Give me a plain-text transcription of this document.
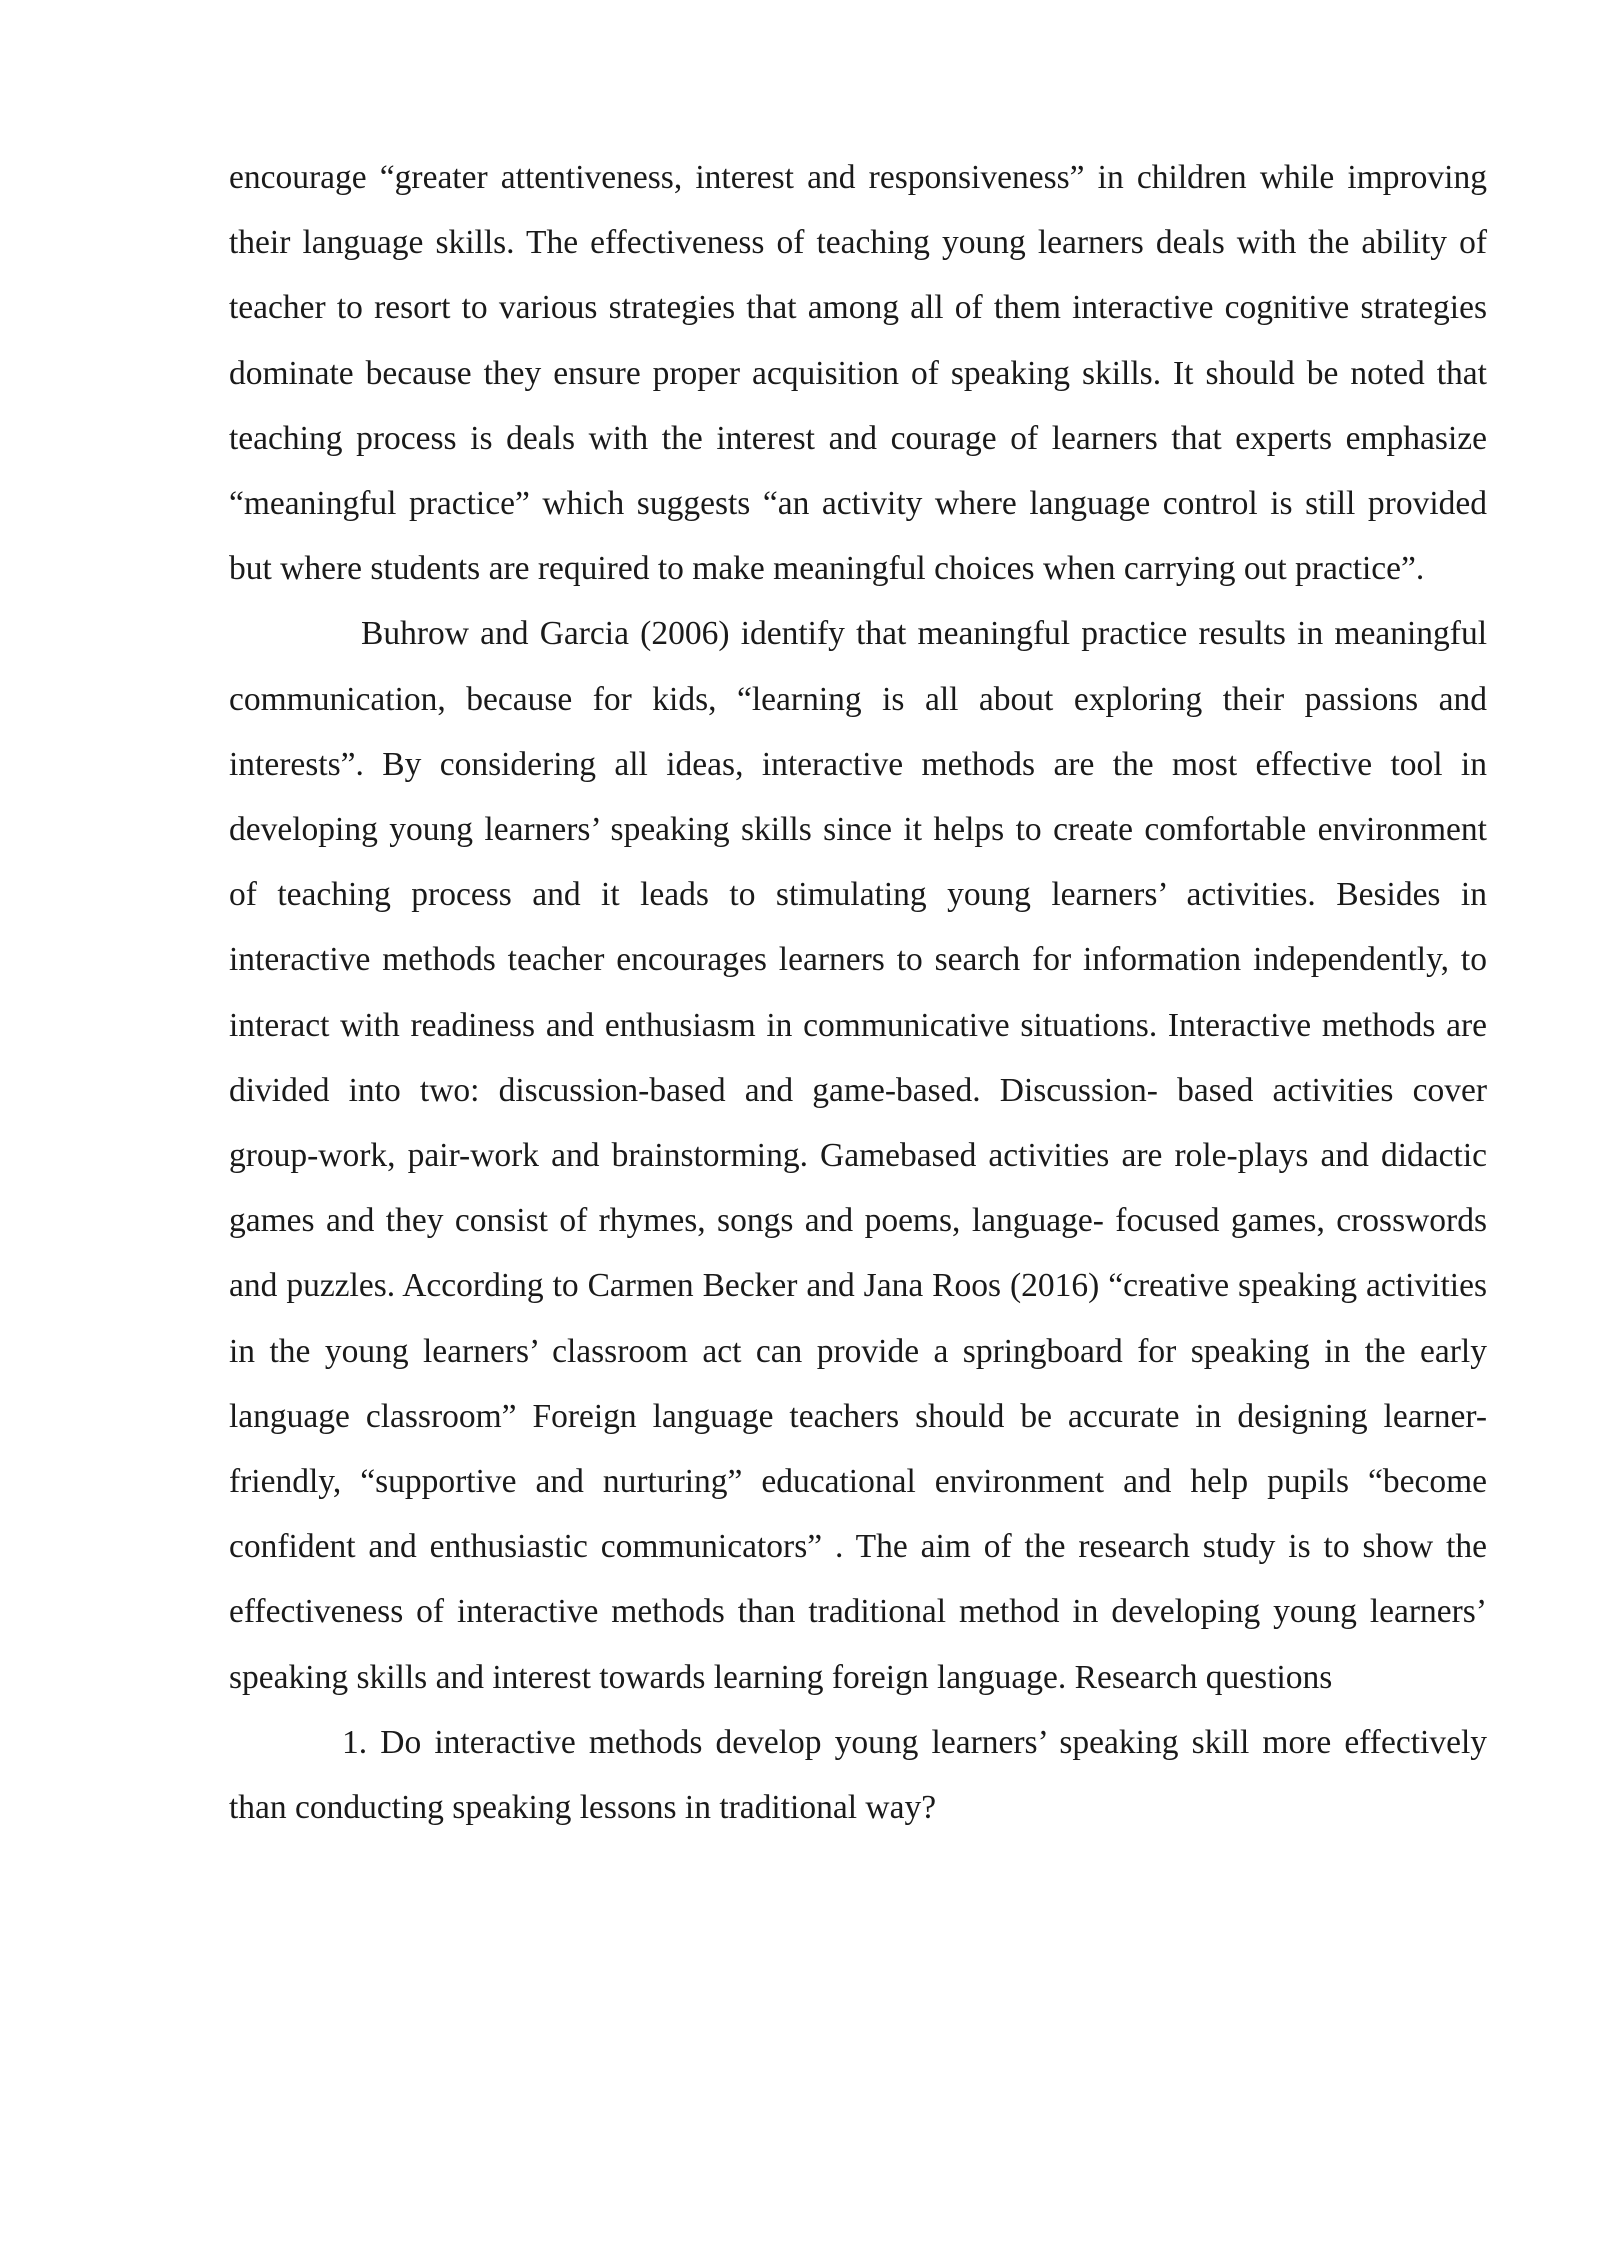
encourage “greater attentiveness, interest and responsiveness” in children while improving their language skills. The effectiveness of teaching young learners deals with the ability of teacher to resort to various strategies that among all of them interactive cognitive strategies dominate because they ensure proper acquisition of speaking skills. It should be noted that teaching process is deals with the interest and courage of learners that experts emphasize “meaningful practice” which suggests “an activity where language control is still provided but where students are required to make meaningful choices when carrying out practice”.

Buhrow and Garcia (2006) identify that meaningful practice results in meaningful communication, because for kids, “learning is all about exploring their passions and interests”. By considering all ideas, interactive methods are the most effective tool in developing young learners’ speaking skills since it helps to create comfortable environment of teaching process and it leads to stimulating young learners’ activities. Besides in interactive methods teacher encourages learners to search for information independently, to interact with readiness and enthusiasm in communicative situations. Interactive methods are divided into two: discussion-based and game-based. Discussion- based activities cover group-work, pair-work and brainstorming. Gamebased activities are role-plays and didactic games and they consist of rhymes, songs and poems, language- focused games, crosswords and puzzles. According to Carmen Becker and Jana Roos (2016) “creative speaking activities in the young learners’ classroom act can provide a springboard for speaking in the early language classroom” Foreign language teachers should be accurate in designing learner-friendly, “supportive and nurturing” educational environment and help pupils “become confident and enthusiastic communicators” . The aim of the research study is to show the effectiveness of interactive methods than traditional method in developing young learners’ speaking skills and interest towards learning foreign language. Research questions

1. Do interactive methods develop young learners’ speaking skill more effectively than conducting speaking lessons in traditional way?
